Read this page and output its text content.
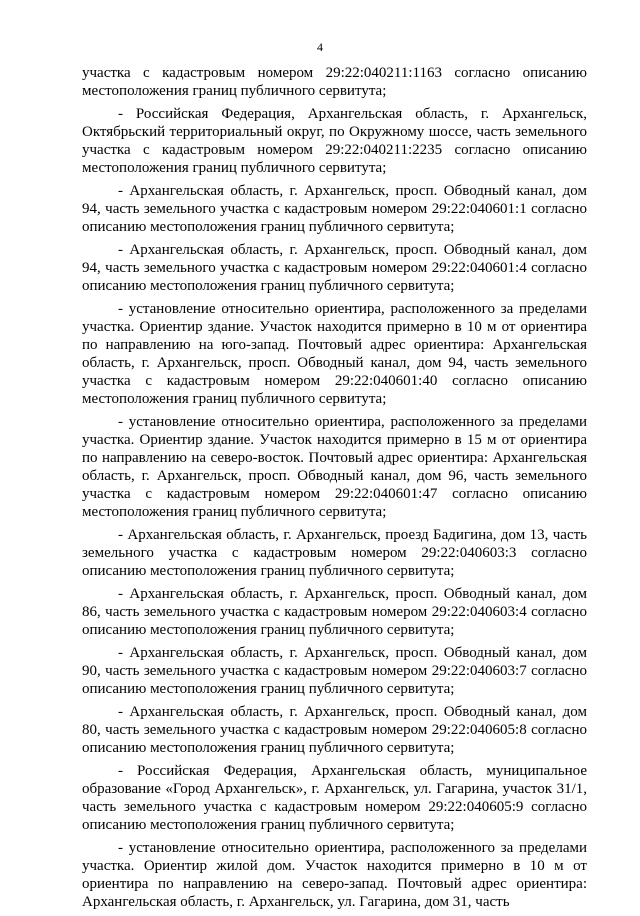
4

участка с кадастровым номером 29:22:040211:1163 согласно описанию местоположения границ публичного сервитута;

- Российская Федерация, Архангельская область, г. Архангельск, Октябрьский территориальный округ, по Окружному шоссе, часть земельного участка с кадастровым номером 29:22:040211:2235 согласно описанию местоположения границ публичного сервитута;

- Архангельская область, г. Архангельск, просп. Обводный канал, дом 94, часть земельного участка с кадастровым номером 29:22:040601:1 согласно описанию местоположения границ публичного сервитута;

- Архангельская область, г. Архангельск, просп. Обводный канал, дом 94, часть земельного участка с кадастровым номером 29:22:040601:4 согласно описанию местоположения границ публичного сервитута;

- установление относительно ориентира, расположенного за пределами участка. Ориентир здание. Участок находится примерно в 10 м от ориентира по направлению на юго-запад. Почтовый адрес ориентира: Архангельская область, г. Архангельск, просп. Обводный канал, дом 94, часть земельного участка с кадастровым номером 29:22:040601:40 согласно описанию местоположения границ публичного сервитута;

- установление относительно ориентира, расположенного за пределами участка. Ориентир здание. Участок находится примерно в 15 м от ориентира по направлению на северо-восток. Почтовый адрес ориентира: Архангельская область, г. Архангельск, просп. Обводный канал, дом 96, часть земельного участка с кадастровым номером 29:22:040601:47 согласно описанию местоположения границ публичного сервитута;

- Архангельская область, г. Архангельск, проезд Бадигина, дом 13, часть земельного участка с кадастровым номером 29:22:040603:3 согласно описанию местоположения границ публичного сервитута;

- Архангельская область, г. Архангельск, просп. Обводный канал, дом 86, часть земельного участка с кадастровым номером 29:22:040603:4 согласно описанию местоположения границ публичного сервитута;

- Архангельская область, г. Архангельск, просп. Обводный канал, дом 90, часть земельного участка с кадастровым номером 29:22:040603:7 согласно описанию местоположения границ публичного сервитута;

- Архангельская область, г. Архангельск, просп. Обводный канал, дом 80, часть земельного участка с кадастровым номером 29:22:040605:8 согласно описанию местоположения границ публичного сервитута;

- Российская Федерация, Архангельская область, муниципальное образование «Город Архангельск», г. Архангельск, ул. Гагарина, участок 31/1, часть земельного участка с кадастровым номером 29:22:040605:9 согласно описанию местоположения границ публичного сервитута;

- установление относительно ориентира, расположенного за пределами участка. Ориентир жилой дом. Участок находится примерно в 10 м от ориентира по направлению на северо-запад. Почтовый адрес ориентира: Архангельская область, г. Архангельск, ул. Гагарина, дом 31, часть
